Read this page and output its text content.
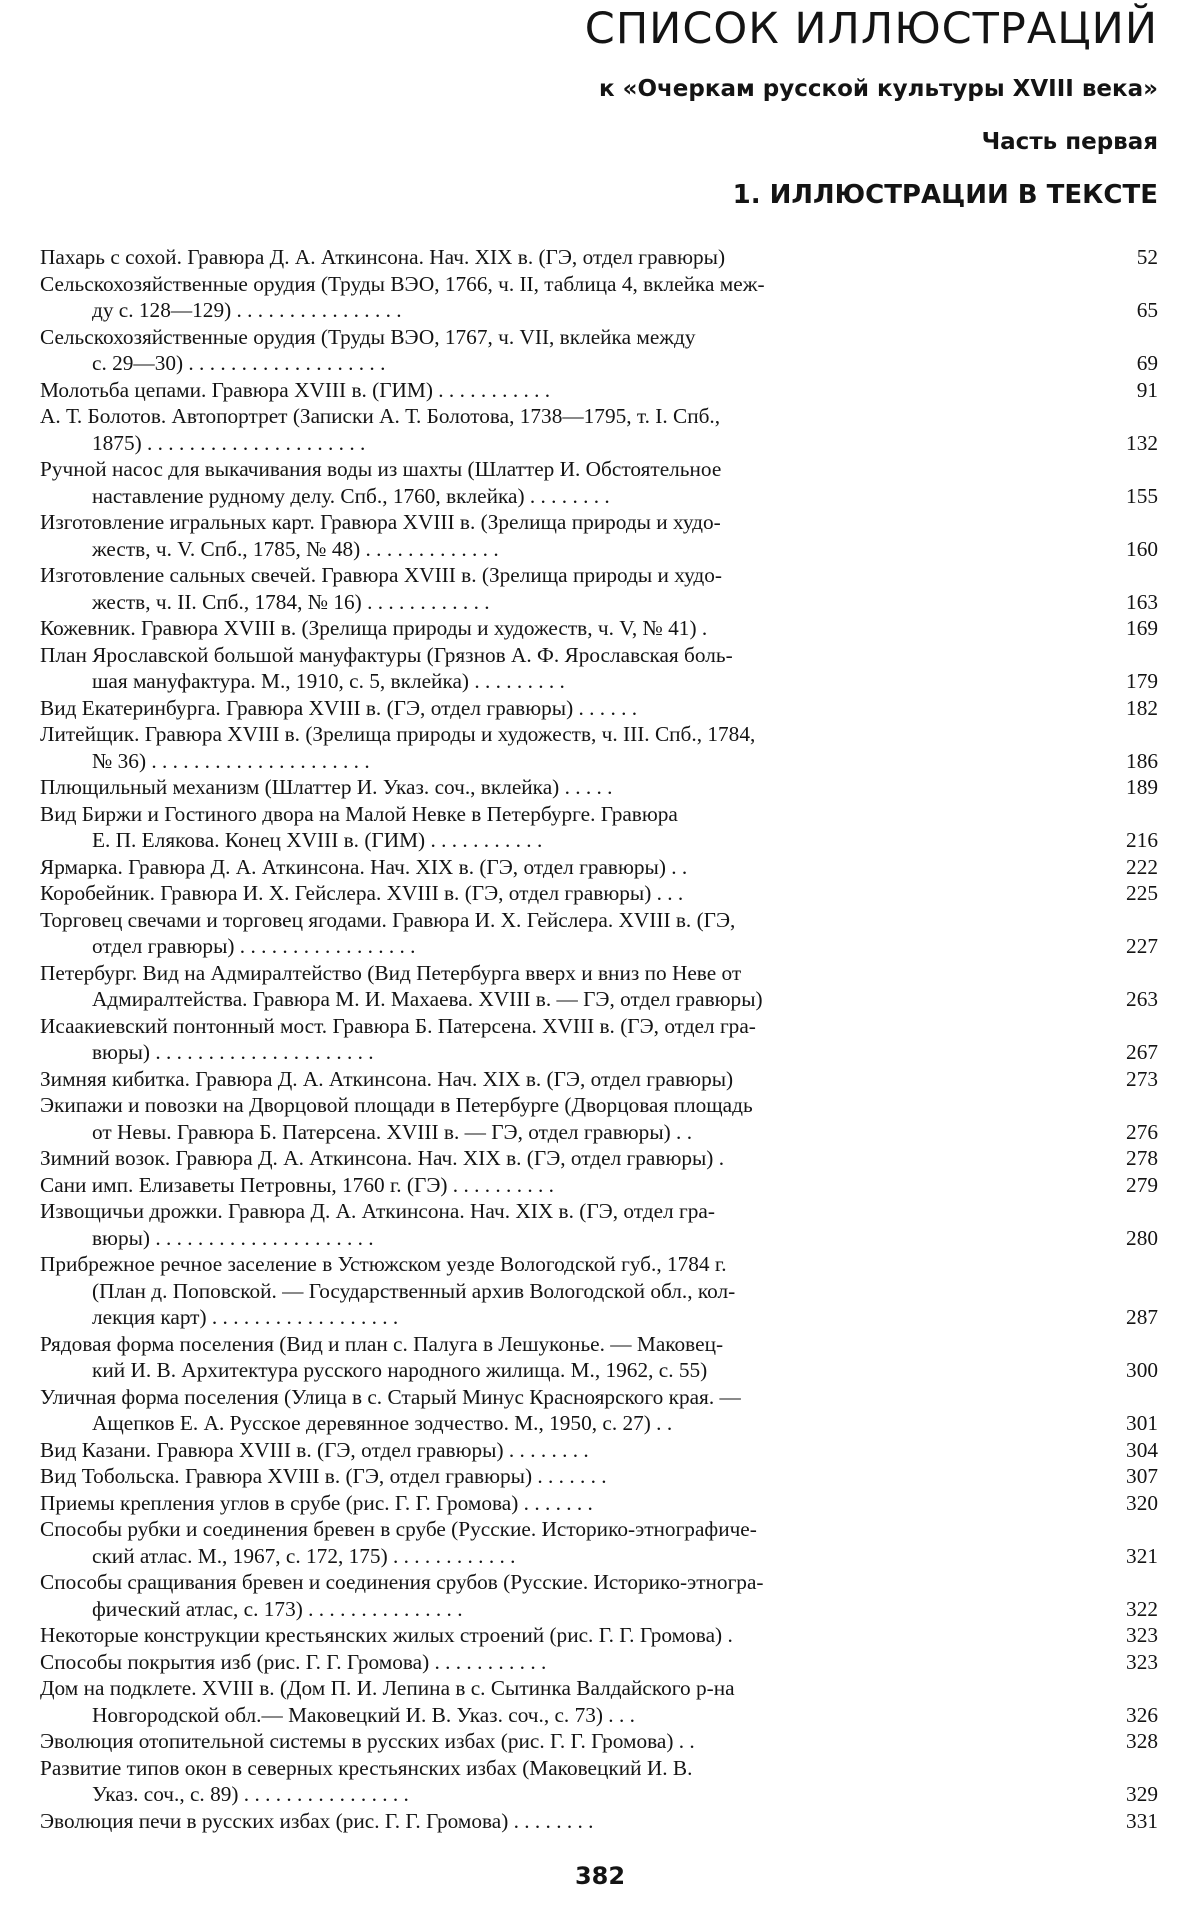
СПИСОК ИЛЛЮСТРАЦИЙ
к «Очеркам русской культуры XVIII века»
Часть первая
1. ИЛЛЮСТРАЦИИ В ТЕКСТЕ
Пахарь с сохой. Гравюра Д. А. Аткинсона. Нач. XIX в. (ГЭ, отдел гравюры)	52
Сельскохозяйственные орудия (Труды ВЭО, 1766, ч. II, таблица 4, вклейка меж-
ду с. 128—129) . . . . . . . . . . . . . . . .	65
Сельскохозяйственные орудия (Труды ВЭО, 1767, ч. VII, вклейка между
с. 29—30) . . . . . . . . . . . . . . . . . . .	69
Молотьба цепами. Гравюра XVIII в. (ГИМ) . . . . . . . . . . .	91
А. Т. Болотов. Автопортрет (Записки А. Т. Болотова, 1738—1795, т. I. Спб.,
1875) . . . . . . . . . . . . . . . . . . . . .	132
Ручной насос для выкачивания воды из шахты (Шлаттер И. Обстоятельное
наставление рудному делу. Спб., 1760, вклейка) . . . . . . . .	155
Изготовление игральных карт. Гравюра XVIII в. (Зрелища природы и худо-
жеств, ч. V. Спб., 1785, № 48) . . . . . . . . . . . . .	160
Изготовление сальных свечей. Гравюра XVIII в. (Зрелища природы и худо-
жеств, ч. II. Спб., 1784, № 16) . . . . . . . . . . . .	163
Кожевник. Гравюра XVIII в. (Зрелища природы и художеств, ч. V, № 41) .	169
План Ярославской большой мануфактуры (Грязнов А. Ф. Ярославская боль-
шая мануфактура. М., 1910, с. 5, вклейка) . . . . . . . . .	179
Вид Екатеринбурга. Гравюра XVIII в. (ГЭ, отдел гравюры) . . . . . .	182
Литейщик. Гравюра XVIII в. (Зрелища природы и художеств, ч. III. Спб., 1784,
№ 36) . . . . . . . . . . . . . . . . . . . . .	186
Плющильный механизм (Шлаттер И. Указ. соч., вклейка) . . . . .	189
Вид Биржи и Гостиного двора на Малой Невке в Петербурге. Гравюра
Е. П. Елякова. Конец XVIII в. (ГИМ) . . . . . . . . . . .	216
Ярмарка. Гравюра Д. А. Аткинсона. Нач. XIX в. (ГЭ, отдел гравюры) . .	222
Коробейник. Гравюра И. Х. Гейслера. XVIII в. (ГЭ, отдел гравюры) . . .	225
Торговец свечами и торговец ягодами. Гравюра И. Х. Гейслера. XVIII в. (ГЭ,
отдел гравюры) . . . . . . . . . . . . . . . . .	227
Петербург. Вид на Адмиралтейство (Вид Петербурга вверх и вниз по Неве от
Адмиралтейства. Гравюра М. И. Махаева. XVIII в. — ГЭ, отдел гравюры)	263
Исаакиевский понтонный мост. Гравюра Б. Патерсена. XVIII в. (ГЭ, отдел гра-
вюры) . . . . . . . . . . . . . . . . . . . . .	267
Зимняя кибитка. Гравюра Д. А. Аткинсона. Нач. XIX в. (ГЭ, отдел гравюры)	273
Экипажи и повозки на Дворцовой площади в Петербурге (Дворцовая площадь
от Невы. Гравюра Б. Патерсена. XVIII в. — ГЭ, отдел гравюры) . .	276
Зимний возок. Гравюра Д. А. Аткинсона. Нач. XIX в. (ГЭ, отдел гравюры) .	278
Сани имп. Елизаветы Петровны, 1760 г. (ГЭ) . . . . . . . . . .	279
Извощичьи дрожки. Гравюра Д. А. Аткинсона. Нач. XIX в. (ГЭ, отдел гра-
вюры) . . . . . . . . . . . . . . . . . . . . .	280
Прибрежное речное заселение в Устюжском уезде Вологодской губ., 1784 г.
(План д. Поповской. — Государственный архив Вологодской обл., кол-
лекция карт) . . . . . . . . . . . . . . . . . .	287
Рядовая форма поселения (Вид и план с. Палуга в Лешуконье. — Маковец-
кий И. В. Архитектура русского народного жилища. М., 1962, с. 55)	300
Уличная форма поселения (Улица в с. Старый Минус Красноярского края. —
Ащепков Е. А. Русское деревянное зодчество. М., 1950, с. 27) . .	301
Вид Казани. Гравюра XVIII в. (ГЭ, отдел гравюры) . . . . . . . .	304
Вид Тобольска. Гравюра XVIII в. (ГЭ, отдел гравюры) . . . . . . .	307
Приемы крепления углов в срубе (рис. Г. Г. Громова) . . . . . . .	320
Способы рубки и соединения бревен в срубе (Русские. Историко-этнографиче-
ский атлас. М., 1967, с. 172, 175) . . . . . . . . . . . .	321
Способы сращивания бревен и соединения срубов (Русские. Историко-этногра-
фический атлас, с. 173) . . . . . . . . . . . . . . .	322
Некоторые конструкции крестьянских жилых строений (рис. Г. Г. Громова) .	323
Способы покрытия изб (рис. Г. Г. Громова) . . . . . . . . . . .	323
Дом на подклете. XVIII в. (Дом П. И. Лепина в с. Сытинка Валдайского р-на
Новгородской обл.— Маковецкий И. В. Указ. соч., с. 73) . . .	326
Эволюция отопительной системы в русских избах (рис. Г. Г. Громова) . .	328
Развитие типов окон в северных крестьянских избах (Маковецкий И. В.
Указ. соч., с. 89) . . . . . . . . . . . . . . . .	329
Эволюция печи в русских избах (рис. Г. Г. Громова) . . . . . . . .	331
382
